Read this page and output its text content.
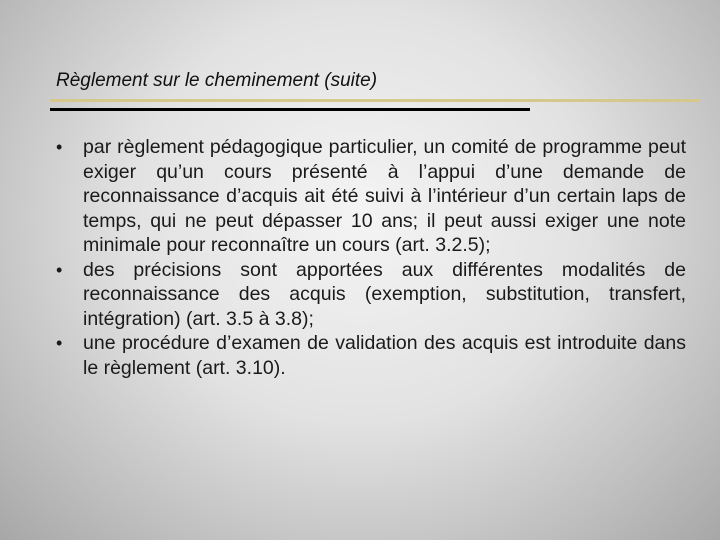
Règlement sur le cheminement (suite)
•	par règlement pédagogique particulier, un comité de programme peut exiger qu’un cours présenté à l’appui d’une demande de reconnaissance d’acquis ait été suivi à l’intérieur d’un certain laps de temps, qui ne peut dépasser 10 ans; il peut aussi exiger une note minimale pour reconnaître un cours (art. 3.2.5);
•	des précisions sont apportées aux différentes modalités de reconnaissance des acquis (exemption, substitution, transfert, intégration) (art. 3.5 à 3.8);
•	une procédure d’examen de validation des acquis est introduite dans le règlement (art. 3.10).
